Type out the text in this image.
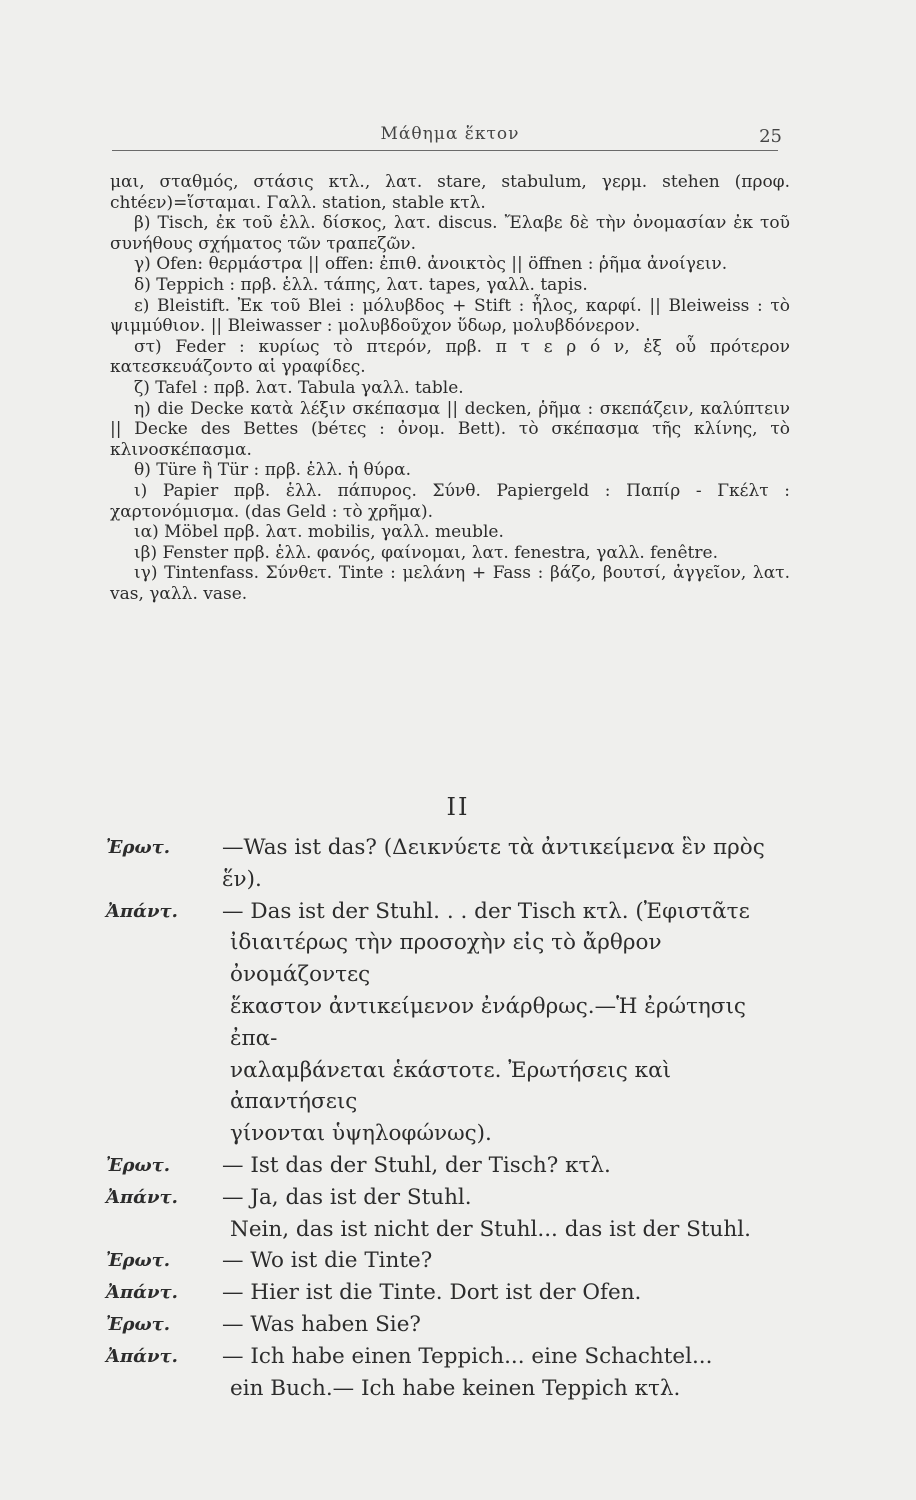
Μάθημα ἕκτον	25

μαι, σταθμός, στάσις κτλ., λατ. stare, stabulum, γερμ. stehen (προφ. chtéεν)=ἵσταμαι. Γαλλ. station, stable κτλ.

β) Tisch, ἐκ τοῦ ἑλλ. δίσκος, λατ. discus. Ἔλαβε δὲ τὴν ὀνομασίαν ἐκ τοῦ συνήθους σχήματος τῶν τραπεζῶν.

γ) Ofen: θερμάστρα || offen: ἐπιθ. ἀνοικτὸς || öffnen : ῥῆμα ἀνοίγειν.

δ) Teppich : πρβ. ἑλλ. τάπης, λατ. tapes, γαλλ. tapis.

ε) Bleistift. Ἐκ τοῦ Blei : μόλυβδος + Stift : ἧλος, καρφί. || Bleiweiss : τὸ ψιμμύθιον. || Bleiwasser : μολυβδοῦχον ὕδωρ, μολυβδόνερον.

στ) Feder : κυρίως τὸ πτερόν, πρβ. π τ ε ρ ό ν, ἐξ οὗ πρότερον κατεσκευάζοντο αἱ γραφίδες.

ζ) Tafel : πρβ. λατ. Tabula γαλλ. table.

η) die Decke κατὰ λέξιν σκέπασμα || decken, ῥῆμα : σκεπάζειν, καλύπτειν || Decke des Bettes (béτες : ὀνομ. Bett). τὸ σκέπασμα τῆς κλίνης, τὸ κλινοσκέπασμα.

θ) Türe ἢ Tür : πρβ. ἑλλ. ἡ θύρα.

ι) Papier πρβ. ἑλλ. πάπυρος. Σύνθ. Papiergeld : Παπίρ - Γκέλτ : χαρτονόμισμα. (das Geld : τὸ χρῆμα).

ια) Möbel πρβ. λατ. mobilis, γαλλ. meuble.

ιβ) Fenster πρβ. ἑλλ. φανός, φαίνομαι, λατ. fenestra, γαλλ. fenêtre.

ιγ) Tintenfass. Σύνθετ. Tinte : μελάνη + Fass : βάζο, βουτσί, ἀγγεῖον, λατ. vas, γαλλ. vase.

II
Ἐρωτ.	—Was ist das? (Δεικνύετε τὰ ἀντικείμενα ἓν πρὸς ἕν).
Ἀπάντ.	— Das ist der Stuhl. . . der Tisch κτλ. (Ἐφιστᾶτε
ἰδιαιτέρως τὴν προσοχὴν εἰς τὸ ἄρθρον ὀνομάζοντες
ἕκαστον ἀντικείμενον ἐνάρθρως.—Ἡ ἐρώτησις ἐπα-
ναλαμβάνεται ἑκάστοτε. Ἐρωτήσεις καὶ ἀπαντήσεις
γίνονται ὑψηλοφώνως).
Ἐρωτ.	— Ist das der Stuhl, der Tisch? κτλ.
Ἀπάντ.	— Ja, das ist der Stuhl.
Nein, das ist nicht der Stuhl... das ist der Stuhl.
Ἐρωτ.	— Wo ist die Tinte?
Ἀπάντ.	— Hier ist die Tinte. Dort ist der Ofen.
Ἐρωτ.	— Was haben Sie?
Ἀπάντ.	— Ich habe einen Teppich... eine Schachtel...
ein Buch.— Ich habe keinen Teppich κτλ.
